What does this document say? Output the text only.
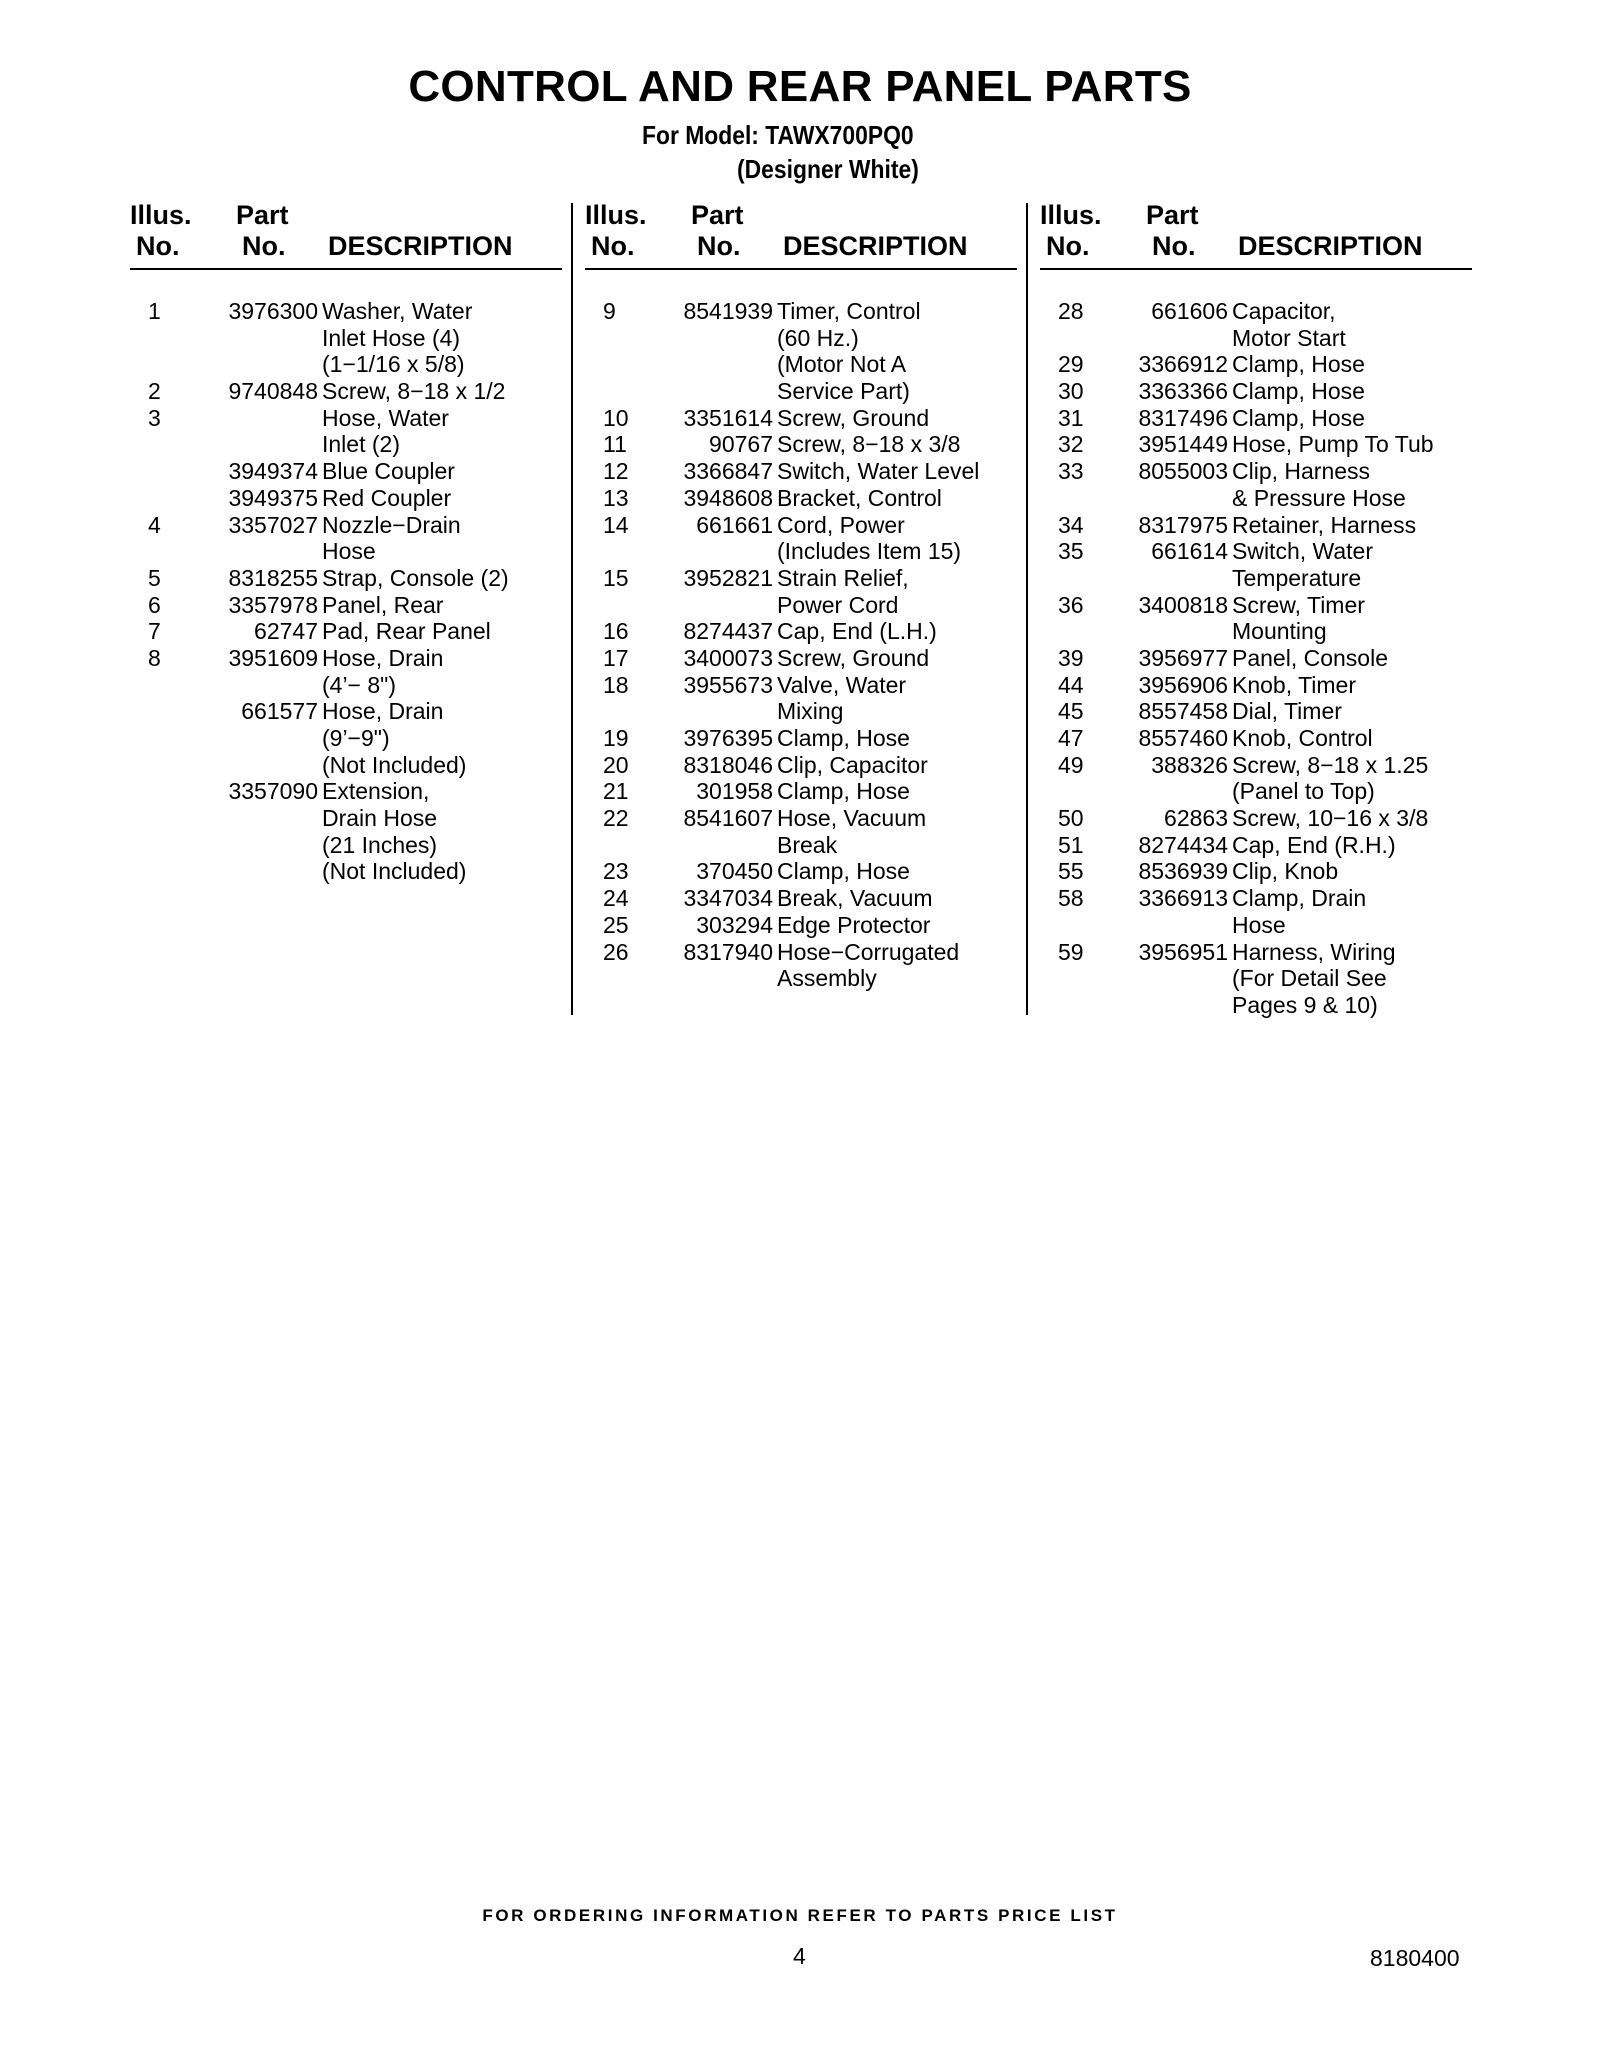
CONTROL AND REAR PANEL PARTS
For Model: TAWX700PQ0
(Designer White)
Illus.
No.
Part
No. DESCRIPTION
1	3976300 Washer, Water
Inlet Hose (4)
(1−1/16 x 5/8)
2	9740848 Screw, 8−18 x 1/2
3	Hose, Water
Inlet (2)
3949374 Blue Coupler
3949375 Red Coupler
4	3357027 Nozzle−Drain
Hose
5	8318255 Strap, Console (2)
6	3357978 Panel, Rear
7	62747 Pad, Rear Panel
8	3951609 Hose, Drain
(4’− 8")
661577 Hose, Drain
(9’−9")
(Not Included)
3357090 Extension,
Drain Hose
(21 Inches)
(Not Included)
Illus.
No.
Part
No. DESCRIPTION
9	8541939 Timer, Control
(60 Hz.)
(Motor Not A
Service Part)
10 3351614 Screw, Ground
11	90767 Screw, 8−18 x 3/8
12 3366847 Switch, Water Level
13 3948608 Bracket, Control
14	661661 Cord, Power
(Includes Item 15)
15 3952821 Strain Relief,
Power Cord
16 8274437 Cap, End (L.H.)
17 3400073 Screw, Ground
18 3955673 Valve, Water
Mixing
19 3976395 Clamp, Hose
20 8318046 Clip, Capacitor
21	301958 Clamp, Hose
22 8541607 Hose, Vacuum
Break
23	370450 Clamp, Hose
24 3347034 Break, Vacuum
25	303294 Edge Protector
26 8317940 Hose−Corrugated
Assembly
Illus.
No.
Part
No. DESCRIPTION
28	661606 Capacitor,
Motor Start
29 3366912 Clamp, Hose
30 3363366 Clamp, Hose
31 8317496 Clamp, Hose
32 3951449 Hose, Pump To Tub
33 8055003 Clip, Harness
& Pressure Hose
34 8317975 Retainer, Harness
35	661614 Switch, Water
Temperature
36 3400818 Screw, Timer
Mounting
39 3956977 Panel, Console
44 3956906 Knob, Timer
45 8557458 Dial, Timer
47 8557460 Knob, Control
49	388326 Screw, 8−18 x 1.25
(Panel to Top)
50	62863 Screw, 10−16 x 3/8
51 8274434 Cap, End (R.H.)
55 8536939 Clip, Knob
58 3366913 Clamp, Drain
Hose
59 3956951 Harness, Wiring
(For Detail See
Pages 9 & 10)
FOR ORDERING INFORMATION REFER TO PARTS PRICE LIST
4	8180400
